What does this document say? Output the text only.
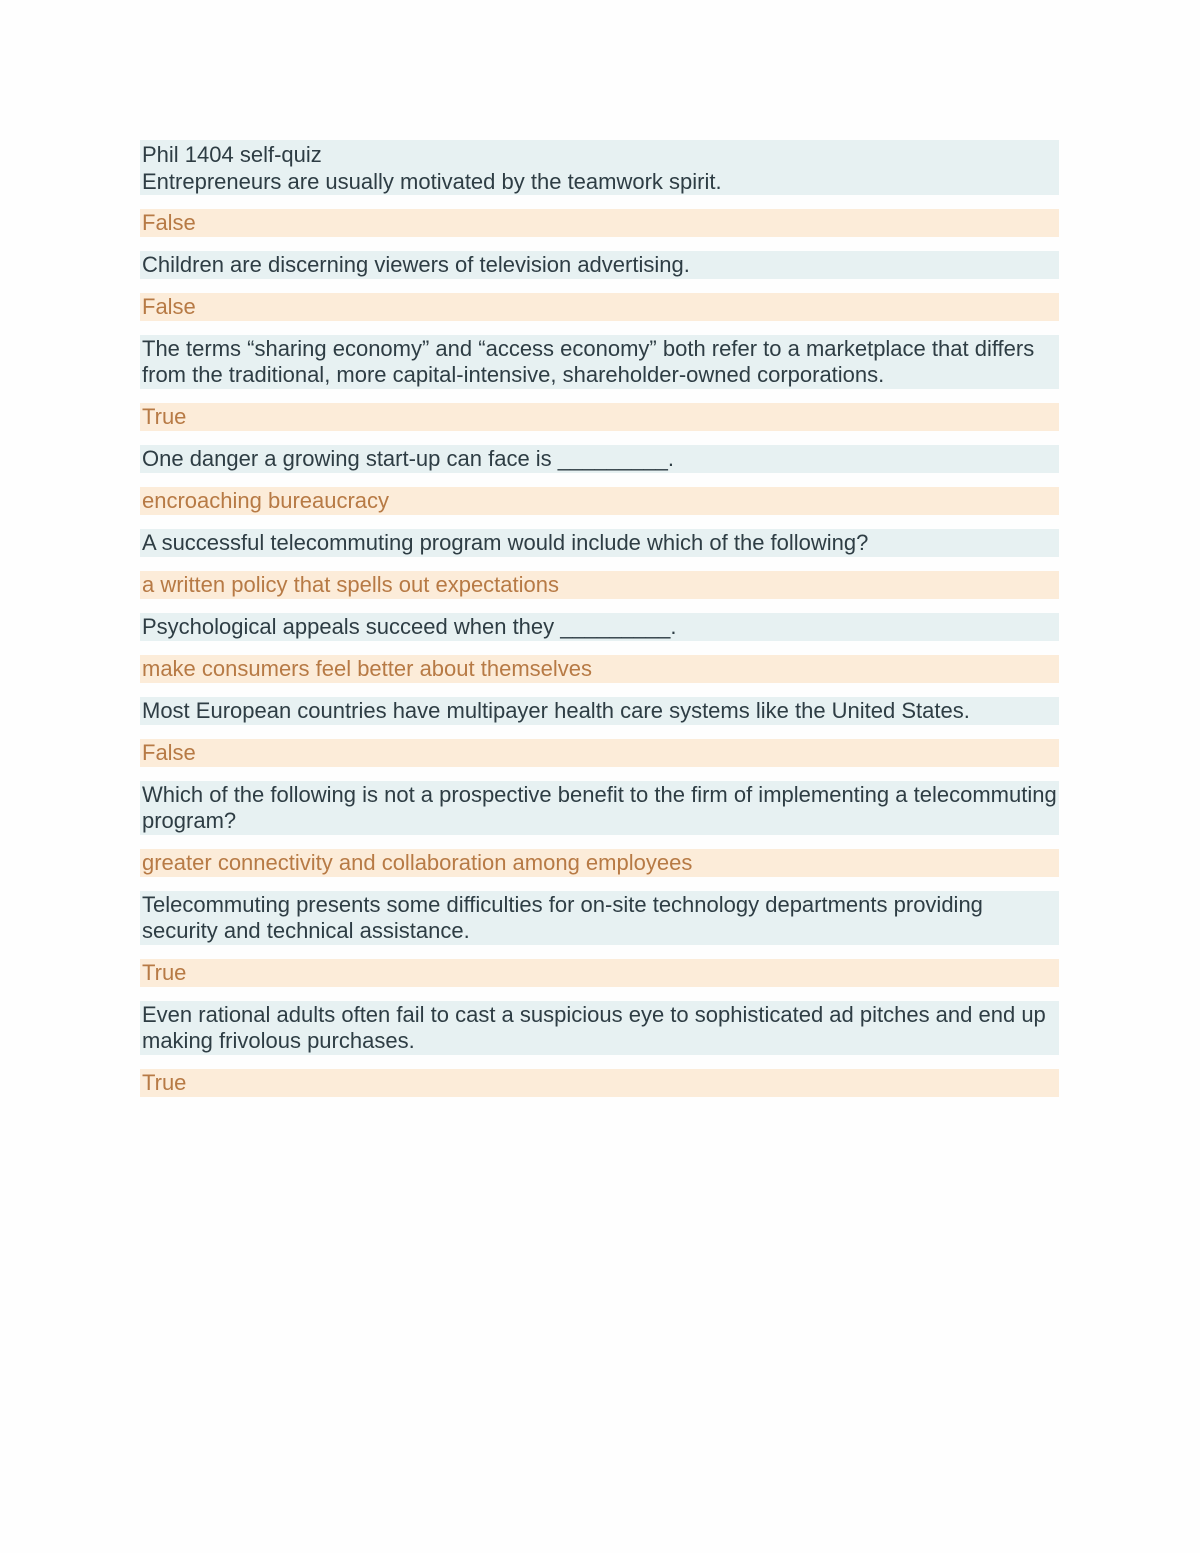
Phil 1404 self-quiz
Entrepreneurs are usually motivated by the teamwork spirit.
False
Children are discerning viewers of television advertising.
False
The terms “sharing economy” and “access economy” both refer to a marketplace that differs from the traditional, more capital-intensive, shareholder-owned corporations.
True
One danger a growing start-up can face is _________.
encroaching bureaucracy
A successful telecommuting program would include which of the following?
a written policy that spells out expectations
Psychological appeals succeed when they _________.
make consumers feel better about themselves
Most European countries have multipayer health care systems like the United States.
False
Which of the following is not a prospective benefit to the firm of implementing a telecommuting program?
greater connectivity and collaboration among employees
Telecommuting presents some difficulties for on-site technology departments providing security and technical assistance.
True
Even rational adults often fail to cast a suspicious eye to sophisticated ad pitches and end up making frivolous purchases.
True
